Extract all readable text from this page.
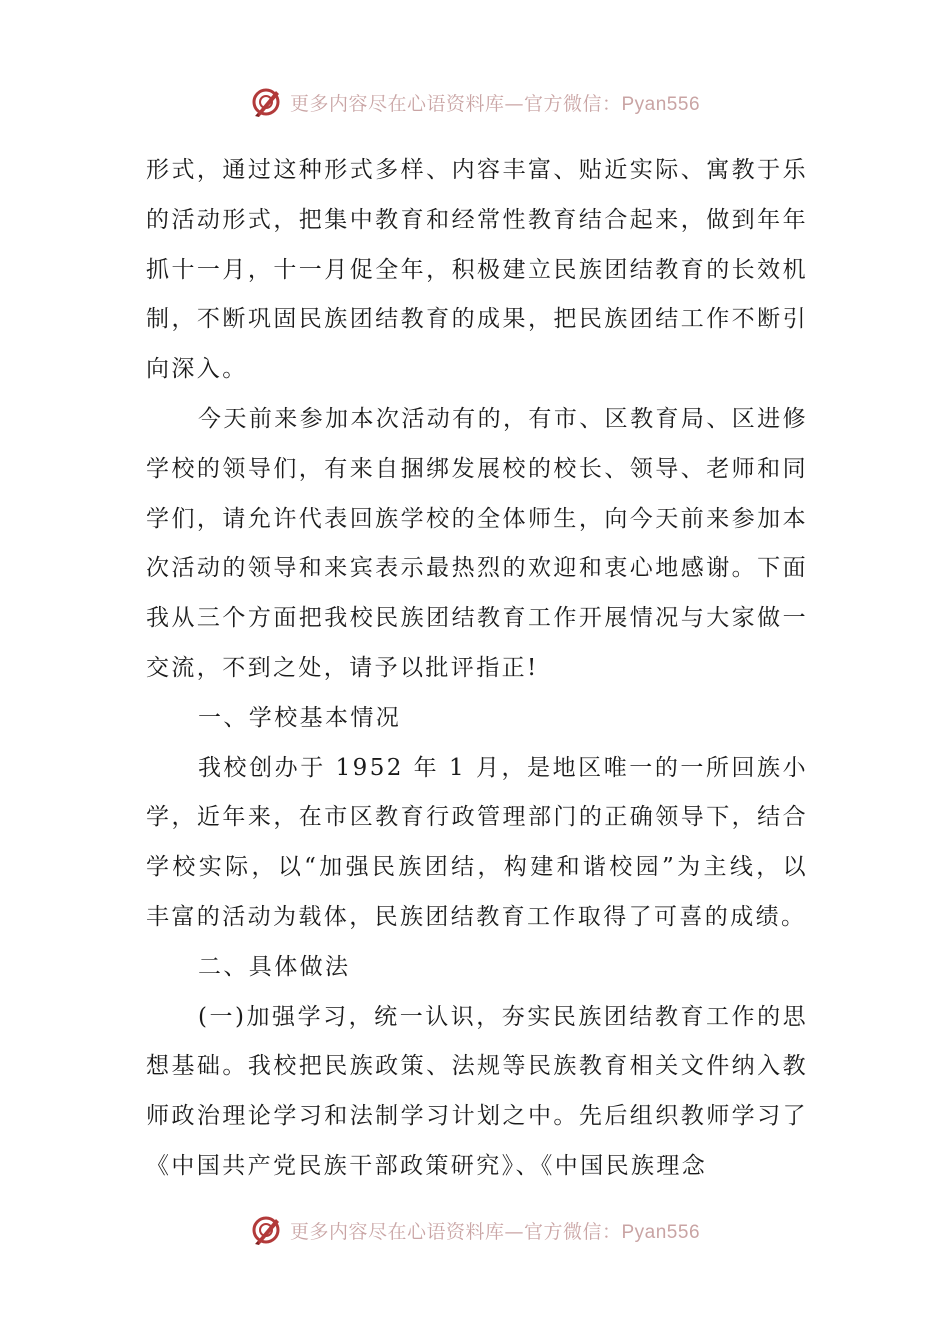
更多内容尽在心语资料库—官方微信：Pyan556

形式，通过这种形式多样、内容丰富、贴近实际、寓教于乐的活动形式，把集中教育和经常性教育结合起来，做到年年抓十一月，十一月促全年，积极建立民族团结教育的长效机制，不断巩固民族团结教育的成果，把民族团结工作不断引向深入。

今天前来参加本次活动有的，有市、区教育局、区进修学校的领导们，有来自捆绑发展校的校长、领导、老师和同学们，请允许代表回族学校的全体师生，向今天前来参加本次活动的领导和来宾表示最热烈的欢迎和衷心地感谢。下面我从三个方面把我校民族团结教育工作开展情况与大家做一交流，不到之处，请予以批评指正!

一、学校基本情况

我校创办于 1952 年 1 月，是地区唯一的一所回族小学，近年来，在市区教育行政管理部门的正确领导下，结合学校实际，以“加强民族团结，构建和谐校园”为主线，以丰富的活动为载体，民族团结教育工作取得了可喜的成绩。

二、具体做法

(一)加强学习，统一认识，夯实民族团结教育工作的思想基础。我校把民族政策、法规等民族教育相关文件纳入教师政治理论学习和法制学习计划之中。先后组织教师学习了《中国共产党民族干部政策研究》、《中国民族理念

更多内容尽在心语资料库—官方微信：Pyan556
